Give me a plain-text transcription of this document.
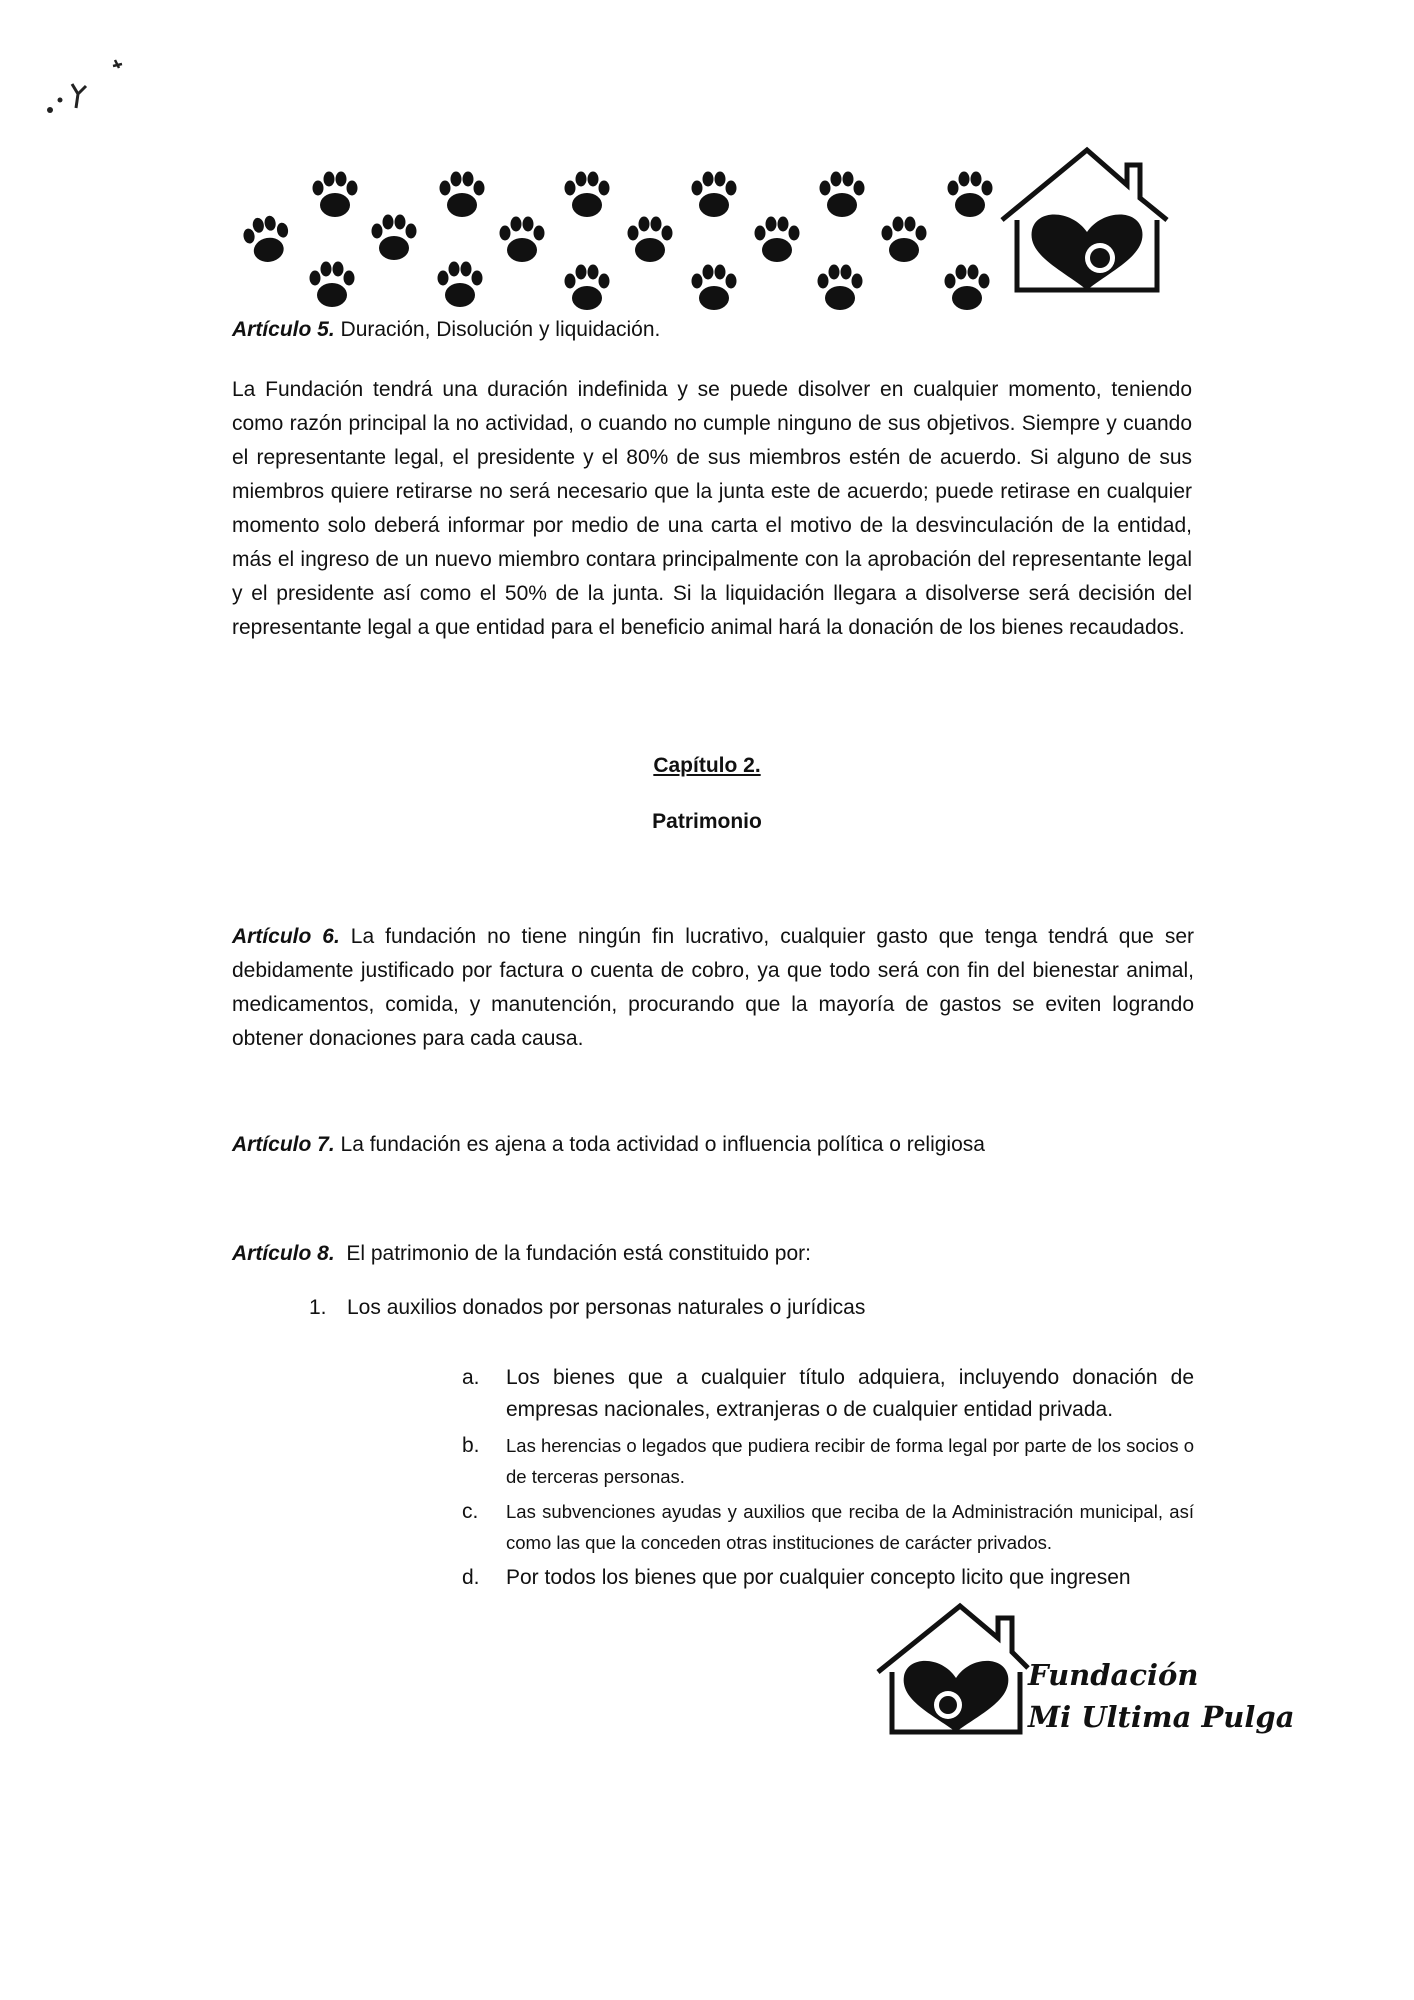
Artículo 5. Duración, Disolución y liquidación.

La Fundación tendrá una duración indefinida y se puede disolver en cualquier momento, teniendo como razón principal la no actividad, o cuando no cumple ninguno de sus objetivos. Siempre y cuando el representante legal, el presidente y el 80% de sus miembros estén de acuerdo. Si alguno de sus miembros quiere retirarse no será necesario que la junta este de acuerdo; puede retirase en cualquier momento solo deberá informar por medio de una carta el motivo de la desvinculación de la entidad, más el ingreso de un nuevo miembro contara principalmente con la aprobación del representante legal y el presidente así como el 50% de la junta. Si la liquidación llegara a disolverse será decisión del representante legal a que entidad para el beneficio animal hará la donación de los bienes recaudados.

Capítulo 2.
Patrimonio

Artículo 6. La fundación no tiene ningún fin lucrativo, cualquier gasto que tenga tendrá que ser debidamente justificado por factura o cuenta de cobro, ya que todo será con fin del bienestar animal, medicamentos, comida, y manutención, procurando que la mayoría de gastos se eviten logrando obtener donaciones para cada causa.

Artículo 7. La fundación es ajena a toda actividad o influencia política o religiosa

Artículo 8.  El patrimonio de la fundación está constituido por:

1. Los auxilios donados por personas naturales o jurídicas
a.	Los bienes que a cualquier título adquiera, incluyendo donación de empresas nacionales, extranjeras o de cualquier entidad privada.
b.	Las herencias o legados que pudiera recibir de forma legal por parte de los socios o de terceras personas.
c.	Las subvenciones ayudas y auxilios que reciba de la Administración municipal, así como las que la conceden otras instituciones de carácter privados.
d.	Por todos los bienes que por cualquier concepto licito que ingresen
Fundación
Mi Ultima Pulga
